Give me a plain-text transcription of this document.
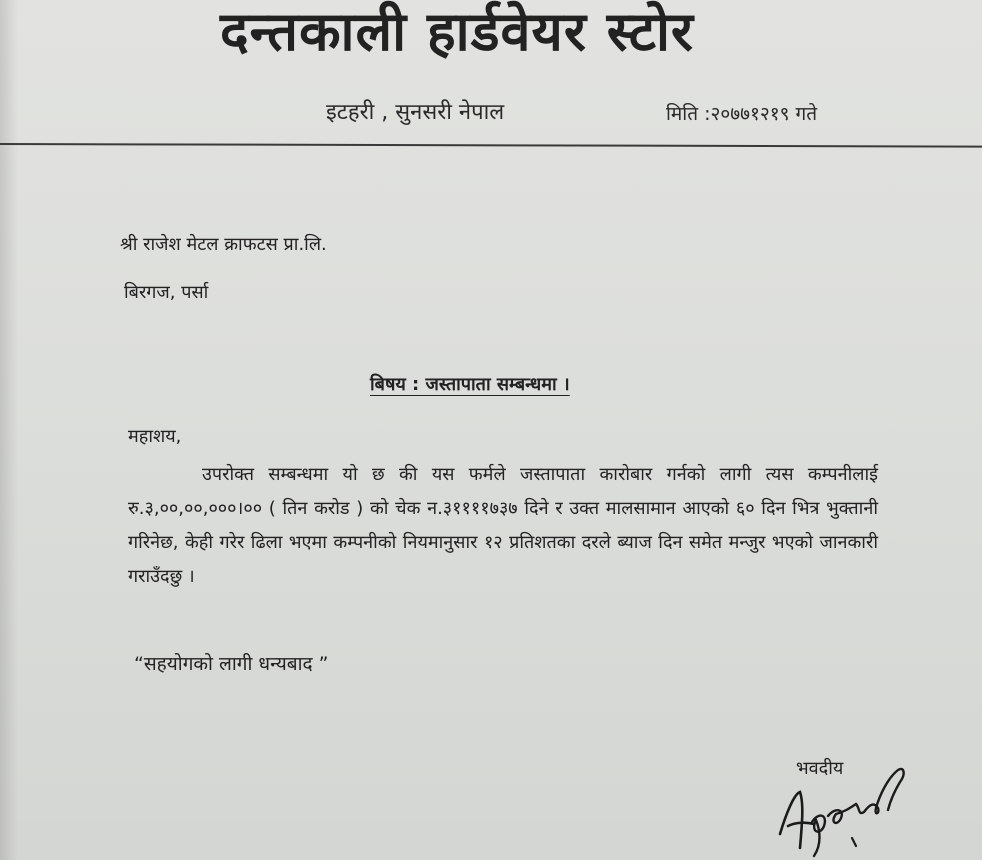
दन्तकाली हार्डवेयर स्टोर
इटहरी , सुनसरी नेपाल	मिति :२०७७१२१९ गते
श्री राजेश मेटल क्राफटस प्रा.लि.
बिरगज, पर्सा
बिषय : जस्तापाता सम्बन्धमा ।
महाशय,
उपरोक्त सम्बन्धमा यो छ की यस फर्मले जस्तापाता कारोबार गर्नको लागी त्यस कम्पनीलाई रु.३,००,००,०००।०० ( तिन करोड ) को चेक न.३११११७३७ दिने र उक्त मालसामान आएको ६० दिन भित्र भुक्तानी गरिनेछ, केही गरेर ढिला भएमा कम्पनीको नियमानुसार १२ प्रतिशतका दरले ब्याज दिन समेत मन्जुर भएको जानकारी गराउँदछु ।
“सहयोगको लागी धन्यबाद ”
भवदीय
